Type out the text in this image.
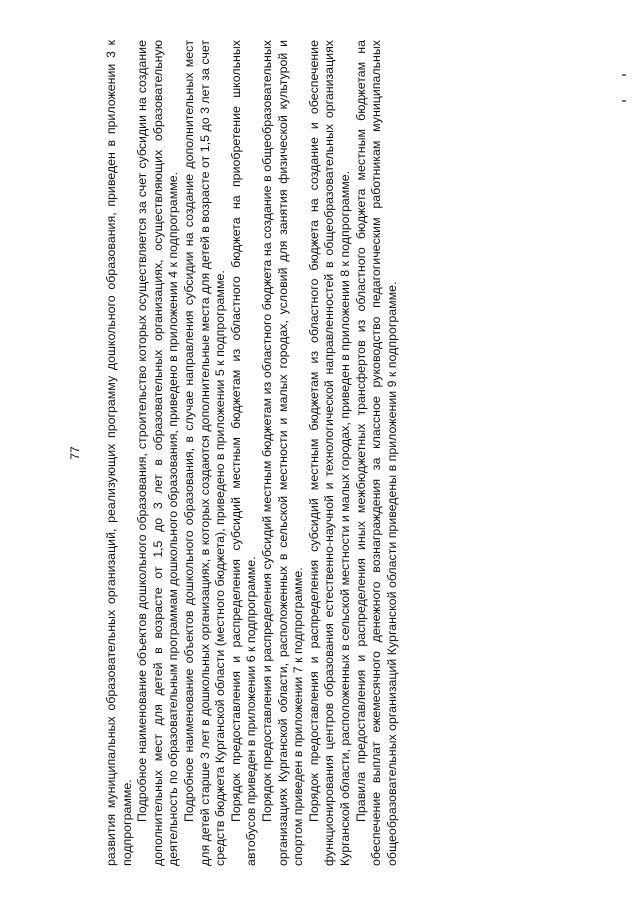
77 развития муниципальных образовательных организаций, реализующих программу дошкольного образования, приведен в приложении 3 к подпрограмме.

Подробное наименование объектов дошкольного образования, строительство которых осуществляется за счет субсидии на создание дополнительных мест для детей в возрасте от 1,5 до 3 лет в образовательных организациях, осуществляющих образовательную деятельность по образовательным программам дошкольного образования, приведено в приложении 4 к подпрограмме. Подробное наименование объектов дошкольного образования, в случае направления субсидии на создание дополнительных мест для детей старше 3 лет в дошкольных организациях, в которых создаются дополнительные места для детей в возрасте от 1,5 до 3 лет за счет средств бюджета Курганской области (местного бюджета), приведено в приложении 5 к подпрограмме. Порядок предоставления и распределения субсидий местным бюджетам из областного бюджета на приобретение школьных автобусов приведен в приложении 6 к подпрограмме. Порядок предоставления и распределения субсидий местным бюджетам из областного бюджета на создание в общеобразовательных организациях Курганской области, расположенных в сельской местности и малых городах, условий для занятия физической культурой и спортом приведен в приложении 7 к подпрограмме. Порядок предоставления и распределения субсидий местным бюджетам из областного бюджета на создание и обеспечение функционирования центров образования естественно-научной и технологической направленностей в общеобразовательных организациях Курганской области, расположенных в сельской местности и малых городах, приведен в приложении 8 к подпрограмме. Правила предоставления и распределения иных межбюджетных трансфертов из областного бюджета местным бюджетам на обеспечение выплат ежемесячного денежного вознаграждения за классное руководство педагогическим работникам муниципальных общеобразовательных организаций Курганской области приведены в приложении 9 к подпрограмме.
